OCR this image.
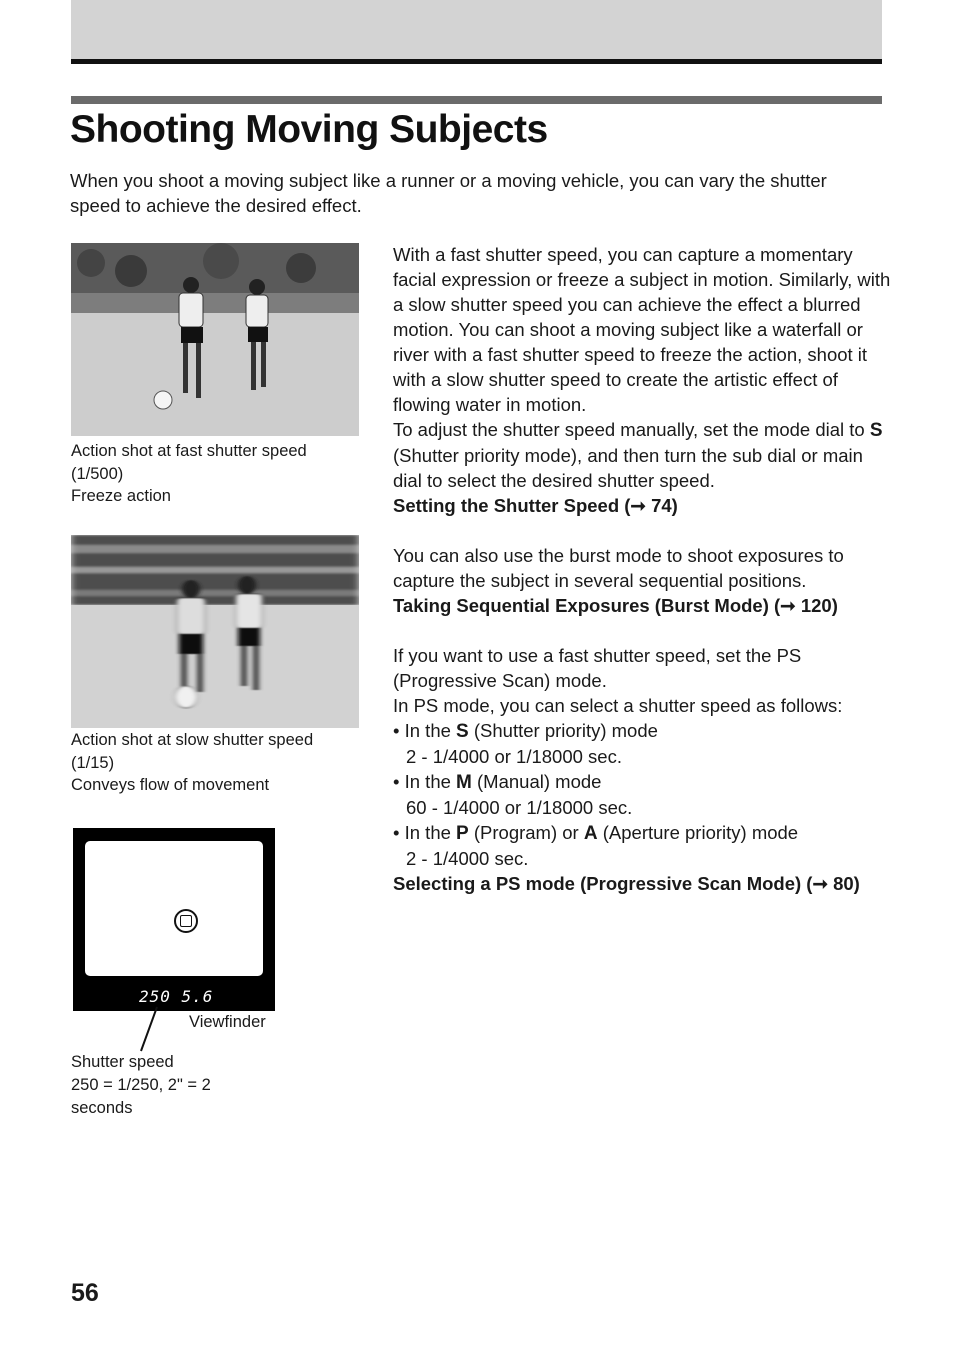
Shooting Moving Subjects

When you shoot a moving subject like a runner or a moving vehicle, you can vary the shutter speed to achieve the desired effect.

Action shot at fast shutter speed
(1/500)
Freeze action

Action shot at slow shutter speed
(1/15)
Conveys flow of movement

250 5.6
Viewfinder

Shutter speed
250 = 1/250, 2" = 2
seconds

With a fast shutter speed, you can capture a momentary facial expression or freeze a subject in motion. Similarly, with a slow shutter speed you can achieve the effect a blurred motion. You can shoot a moving subject like a waterfall or river with a fast shutter speed to freeze the action, shoot it with a slow shutter speed to create the artistic effect of flowing water in motion.

To adjust the shutter speed manually, set the mode dial to S (Shutter priority mode), and then turn the sub dial or main dial to select the desired shutter speed.

Setting the Shutter Speed (➞ 74)

You can also use the burst mode to shoot exposures to capture the subject in several sequential positions.

Taking Sequential Exposures (Burst Mode) (➞ 120)

If you want to use a fast shutter speed, set the PS (Progressive Scan) mode.

In PS mode, you can select a shutter speed as follows:

• In the S (Shutter priority) mode

2 - 1/4000 or 1/18000 sec.

• In the M (Manual) mode

60 - 1/4000 or 1/18000 sec.

• In the P (Program) or A (Aperture priority) mode

2 - 1/4000 sec.

Selecting a PS mode (Progressive Scan Mode) (➞ 80)

56
